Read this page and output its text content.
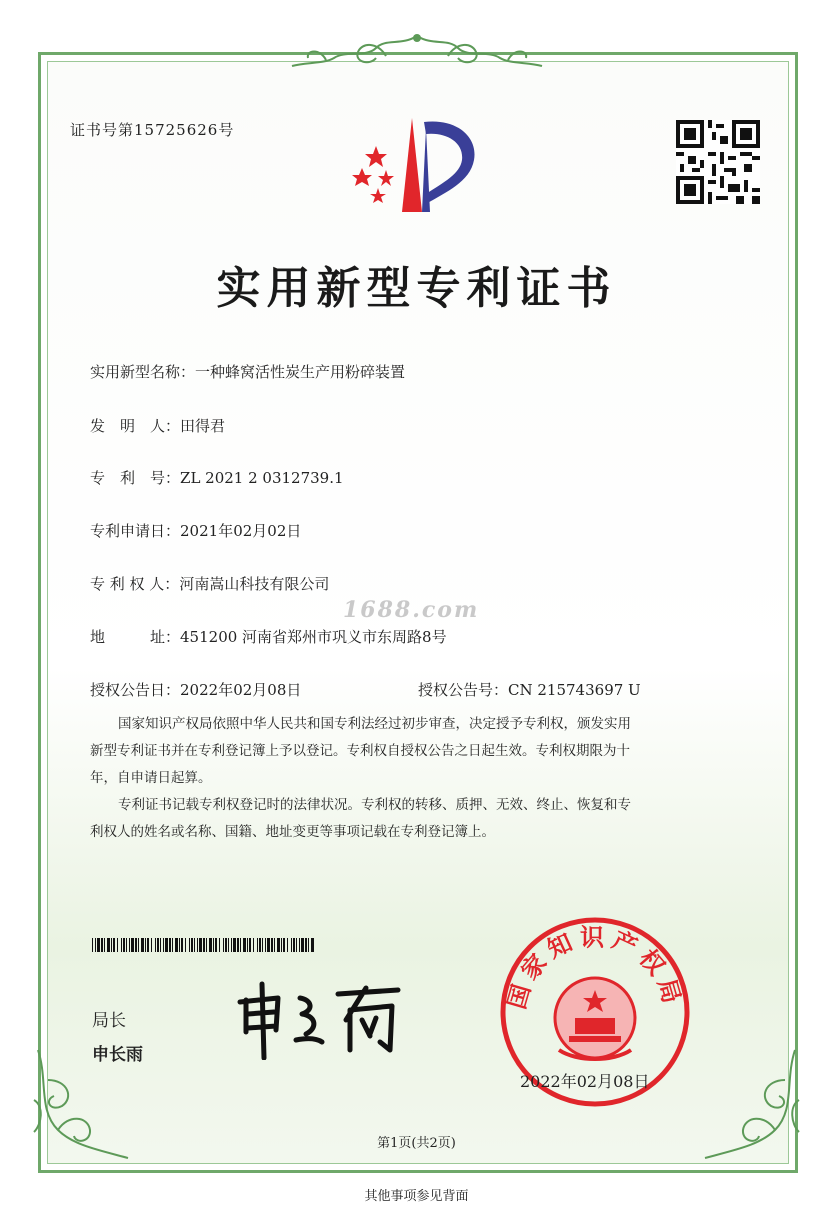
证书号第15725626号
实用新型专利证书
实用新型名称：一种蜂窝活性炭生产用粉碎装置
发　明　人：田得君
专　利　号：ZL 2021 2 0312739.1
专利申请日：2021年02月02日
专 利 权 人：河南嵩山科技有限公司
1688.com
地　　　址：451200 河南省郑州市巩义市东周路8号
授权公告日：2022年02月08日	授权公告号：CN 215743697 U
国家知识产权局依照中华人民共和国专利法经过初步审查，决定授予专利权，颁发实用
新型专利证书并在专利登记簿上予以登记。专利权自授权公告之日起生效。专利权期限为十
年，自申请日起算。
专利证书记载专利权登记时的法律状况。专利权的转移、质押、无效、终止、恢复和专
利权人的姓名或名称、国籍、地址变更等事项记载在专利登记簿上。
局长
申长雨
国家知识产权局
2022年02月08日
第1页(共2页)
其他事项参见背面
